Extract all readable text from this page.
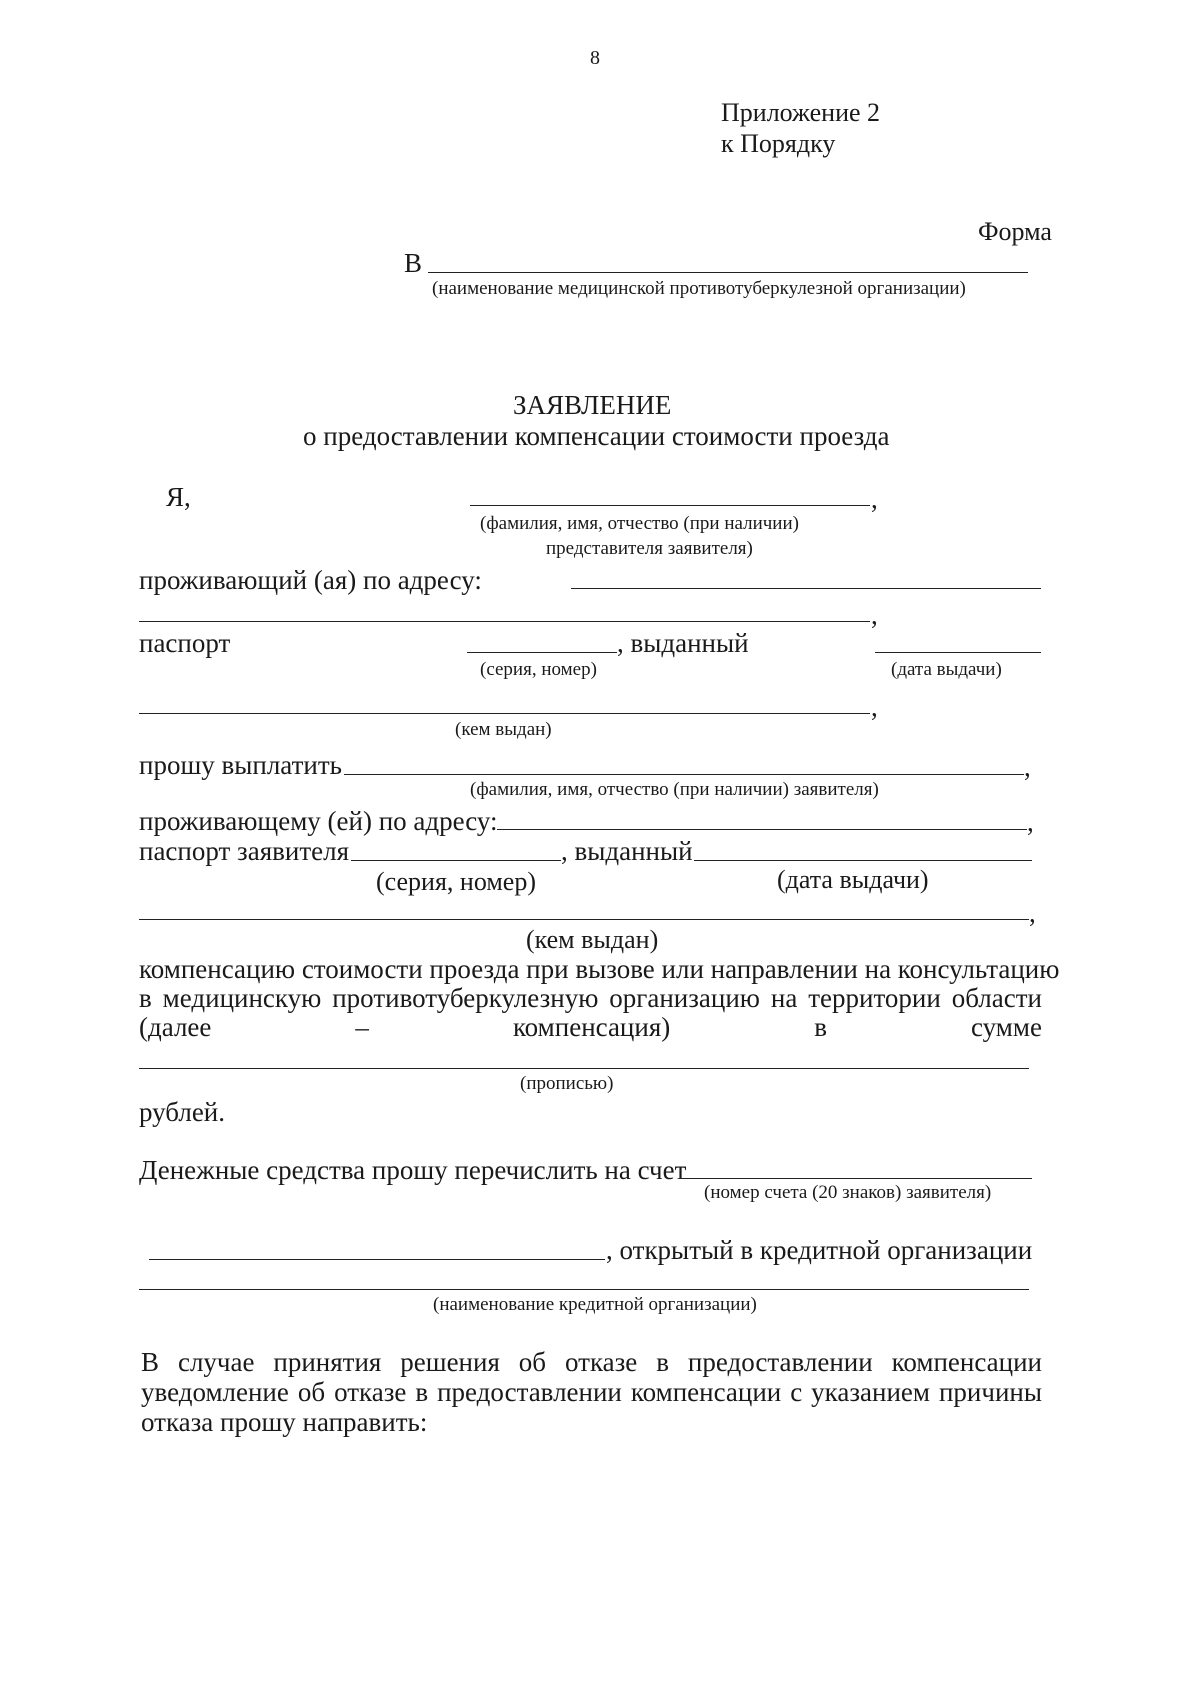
8
Приложение 2
к Порядку
Форма
В
(наименование медицинской противотуберкулезной организации)
ЗАЯВЛЕНИЕ
о предоставлении компенсации стоимости проезда
Я,	,
(фамилия, имя, отчество (при наличии)
представителя заявителя)
проживающий (ая) по адресу:
,
паспорт	, выданный
(серия, номер)	(дата выдачи)
,
(кем выдан)
прошу выплатить	,
(фамилия, имя, отчество (при наличии) заявителя)
проживающему (ей) по адресу:	,
паспорт заявителя	, выданный
(серия, номер)	(дата выдачи)
,
(кем выдан)
компенсацию стоимости проезда при вызове или направлении на консультацию
в медицинскую противотуберкулезную организацию на территории области
(далее	–	компенсация)	в	сумме
(прописью)
рублей.
Денежные средства прошу перечислить на счет
(номер счета (20 знаков) заявителя)
, открытый в кредитной организации
(наименование кредитной организации)
В случае принятия решения об отказе в предоставлении компенсации
уведомление об отказе в предоставлении компенсации с указанием причины
отказа прошу направить:
